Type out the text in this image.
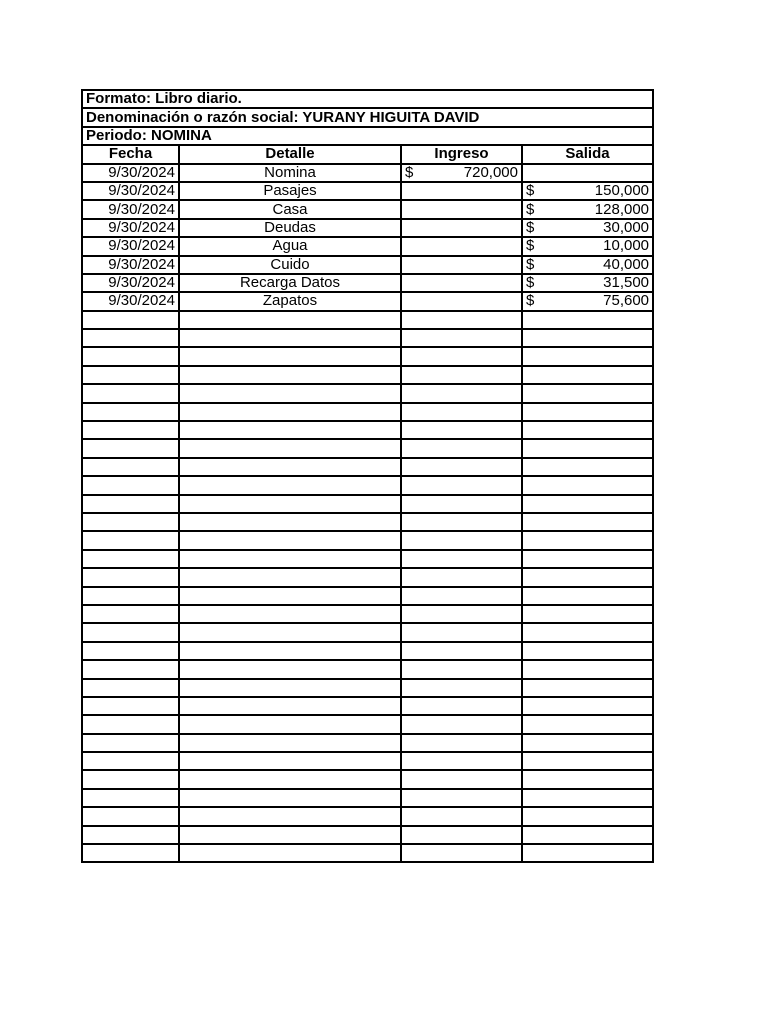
Formato: Libro diario.			
Denominación o razón social: YURANY HIGUITA DAVID			
Periodo: NOMINA			
Fecha	Detalle	Ingreso	Salida
9/30/2024	Nomina	$ 720,000	

9/30/2024	Pasajes		$ 150,000

9/30/2024	Casa		$ 128,000

9/30/2024	Deudas		$ 30,000

9/30/2024	Agua		$ 10,000

9/30/2024	Cuido		$ 40,000

9/30/2024	Recarga Datos		$ 31,500

9/30/2024	Zapatos		$ 75,600
